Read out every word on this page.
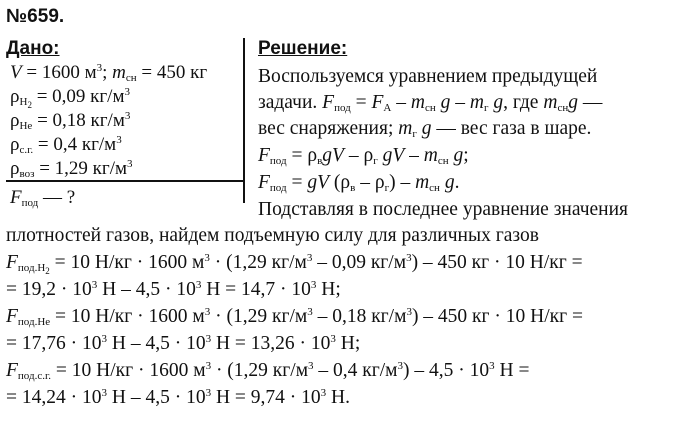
№659.
Дано:
V = 1600 $м^3$; $m_{сн} = 450$ кг
$\rho_{H_2} = 0,09$ $кг/м^3$
$\rho_{He} = 0,18$ $кг/м^3$
$\rho_{с.г.} = 0,4$ $кг/м^3$
$\rho_{воз} = 1,29$ $кг/м^3$
$F_{под}$ — ?
Решение:
Воспользуемся уравнением предыдущей
задачи. $F_{под} = F_A - m_{сн}$ g – $m_г$ g, где $m_{сн}g$ —
вес снаряжения; $m_г$ g — вес газа в шаре.
$F_{под} = \rho_вgV - \rho_г$ gV – $m_{сн}$ g;
$F_{под}$ = gV $(\rho_в - \rho_г) - m_{сн}$ g.
Подставляя в последнее уравнение значения
плотностей газов, найдем подъемную силу для различных газов
$F_{под.H_2} = 10$ Н/кг · 1600 $м^3 \cdot (1,29$ $кг/м^3 - 0,09$ $кг/м^3) - 450$ кг · 10 Н/кг =
= $19,2 \cdot 10^3$ $Н - 4,5 \cdot 10^3$ $Н = 14,7 \cdot 10^3$ Н;
$F_{под.He} = 10$ Н/кг · 1600 $м^3 \cdot (1,29$ $кг/м^3 - 0,18$ $кг/м^3) - 450$ кг · 10 Н/кг =
= $17,76 \cdot 10^3$ $Н - 4,5 \cdot 10^3$ $Н = 13,26 \cdot 10^3$ Н;
$F_{под.с.г.} = 10$ Н/кг · 1600 $м^3 \cdot (1,29$ $кг/м^3 - 0,4$ $кг/м^3) - 4,5 \cdot 10^3$ Н =
= $14,24 \cdot 10^3$ $Н - 4,5 \cdot 10^3$ $Н = 9,74 \cdot 10^3$ Н.
